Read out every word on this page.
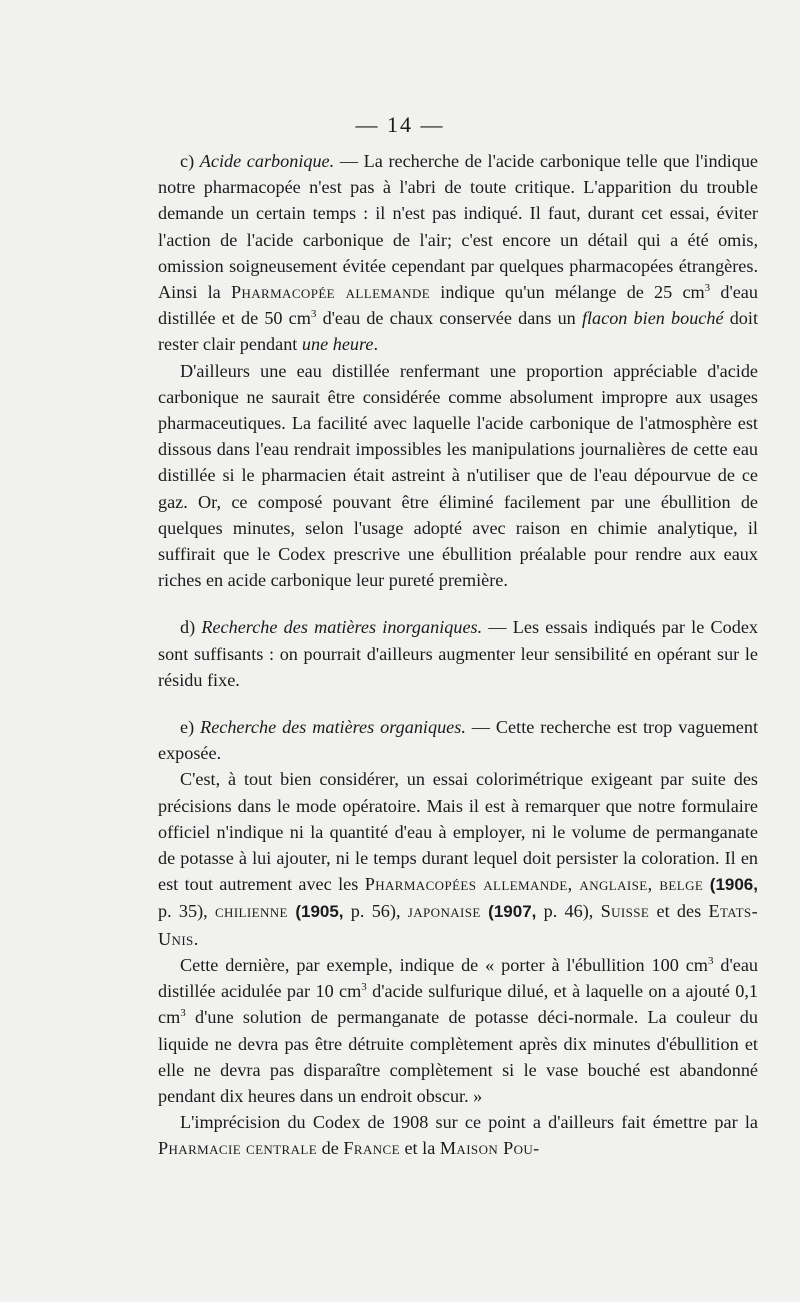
— 14 —

c) Acide carbonique. — La recherche de l'acide carbonique telle que l'indique notre pharmacopée n'est pas à l'abri de toute critique. L'apparition du trouble demande un certain temps : il n'est pas indiqué. Il faut, durant cet essai, éviter l'action de l'acide carbonique de l'air; c'est encore un détail qui a été omis, omission soigneusement évitée cependant par quelques pharmacopées étrangères. Ainsi la Pharmacopée allemande indique qu'un mélange de 25 $cm^3$ d'eau distillée et de 50 $cm^3$ d'eau de chaux conservée dans un flacon bien bouché doit rester clair pendant une heure.

D'ailleurs une eau distillée renfermant une proportion appréciable d'acide carbonique ne saurait être considérée comme absolument impropre aux usages pharmaceutiques. La facilité avec laquelle l'acide carbonique de l'atmosphère est dissous dans l'eau rendrait impossibles les manipulations journalières de cette eau distillée si le pharmacien était astreint à n'utiliser que de l'eau dépourvue de ce gaz. Or, ce composé pouvant être éliminé facilement par une ébullition de quelques minutes, selon l'usage adopté avec raison en chimie analytique, il suffirait que le Codex prescrive une ébullition préalable pour rendre aux eaux riches en acide carbonique leur pureté première.

d) Recherche des matières inorganiques. — Les essais indiqués par le Codex sont suffisants : on pourrait d'ailleurs augmenter leur sensibilité en opérant sur le résidu fixe.

e) Recherche des matières organiques. — Cette recherche est trop vaguement exposée.

C'est, à tout bien considérer, un essai colorimétrique exigeant par suite des précisions dans le mode opératoire. Mais il est à remarquer que notre formulaire officiel n'indique ni la quantité d'eau à employer, ni le volume de permanganate de potasse à lui ajouter, ni le temps durant lequel doit persister la coloration. Il en est tout autrement avec les Pharmacopées allemande, anglaise, belge (1906, p. 35), chilienne (1905, p. 56), japonaise (1907, p. 46), Suisse et des Etats-Unis.

Cette dernière, par exemple, indique de « porter à l'ébullition 100 $cm^3$ d'eau distillée acidulée par 10 $cm^3$ d'acide sulfurique dilué, et à laquelle on a ajouté 0,1 $cm^3$ d'une solution de permanganate de potasse déci-normale. La couleur du liquide ne devra pas être détruite complètement après dix minutes d'ébullition et elle ne devra pas disparaître complètement si le vase bouché est abandonné pendant dix heures dans un endroit obscur. »

L'imprécision du Codex de 1908 sur ce point a d'ailleurs fait émettre par la Pharmacie centrale de France et la Maison Pou-
